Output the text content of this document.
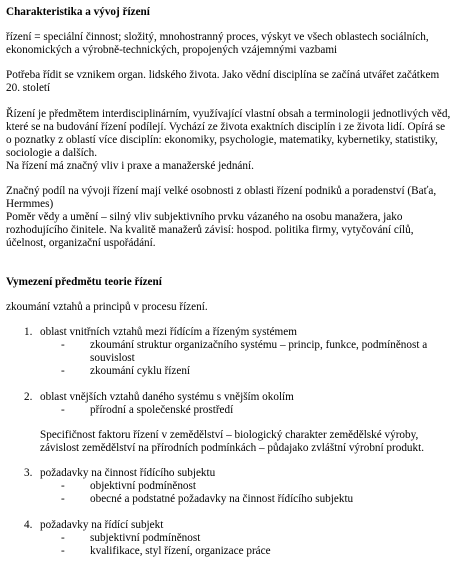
Charakteristika a vývoj řízení

řízení = speciální činnost; složitý, mnohostranný proces, výskyt ve všech oblastech sociálních, ekonomických a výrobně-technických, propojených vzájemnými vazbami

Potřeba řídit se vznikem organ. lidského života. Jako vědní disciplína se začíná utvářet začátkem 20. století

Řízení je předmětem interdisciplinárním, využívající vlastní obsah a terminologii jednotlivých věd, které se na budování řízení podílejí. Vychází ze života exaktních disciplín i ze života lidí. Opírá se o poznatky z oblastí více disciplín: ekonomiky, psychologie, matematiky, kybernetiky, statistiky, sociologie a dalších.

Na řízení má značný vliv i praxe a manažerské jednání.

Značný podíl na vývoji řízení mají velké osobnosti z oblasti řízení podniků a poradenství (Baťa, Hermmes)

Poměr vědy a umění – silný vliv subjektivního prvku vázaného na osobu manažera, jako rozhodujícího činitele. Na kvalitě manažerů závisí: hospod. politika firmy, vytyčování cílů, účelnost, organizační uspořádání.

Vymezení předmětu teorie řízení

zkoumání vztahů a principů v procesu řízení.

1. oblast vnitřních vztahů mezi řídícím a řízeným systémem
- zkoumání struktur organizačního systému – princip, funkce, podmíněnost a souvislost
- zkoumání cyklu řízení
2. oblast vnějších vztahů daného systému s vnějším okolím
- přírodní a společenské prostředí
Specifičnost faktoru řízení v zemědělství – biologický charakter zemědělské výroby, závislost zemědělství na přírodních podmínkách – půdajako zvláštní výrobní produkt.
3. požadavky na činnost řídícího subjektu
- objektivní podmíněnost
- obecné a podstatné požadavky na činnost řídícího subjektu
4. požadavky na řídící subjekt
- subjektivní podmíněnost
- kvalifikace, styl řízení, organizace práce
